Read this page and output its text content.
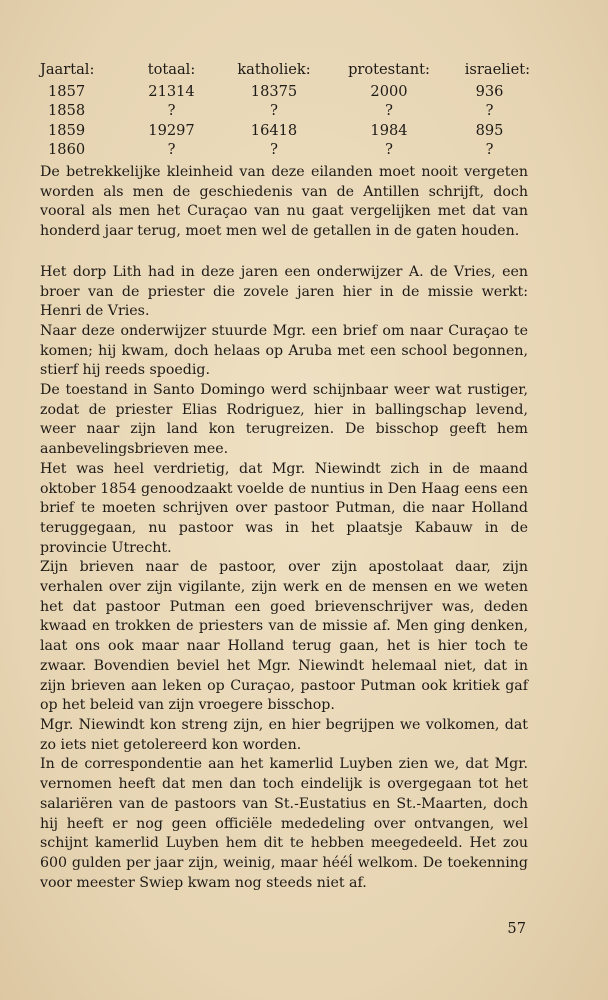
Jaartal:	totaal:	katholiek:	protestant:	israeliet:
1857	21314	18375	2000	936
1858	?	?	?	?
1859	19297	16418	1984	895
1860	?	?	?	?

De betrekkelijke kleinheid van deze eilanden moet nooit vergeten worden als men de geschiedenis van de Antillen schrijft, doch vooral als men het Curaçao van nu gaat vergelijken met dat van honderd jaar terug, moet men wel de getallen in de gaten houden.

Het dorp Lith had in deze jaren een onderwijzer A. de Vries, een broer van de priester die zovele jaren hier in de missie werkt: Henri de Vries.

Naar deze onderwijzer stuurde Mgr. een brief om naar Curaçao te komen; hij kwam, doch helaas op Aruba met een school begonnen, stierf hij reeds spoedig.

De toestand in Santo Domingo werd schijnbaar weer wat rustiger, zodat de priester Elias Rodriguez, hier in ballingschap levend, weer naar zijn land kon terugreizen. De bisschop geeft hem aanbevelingsbrieven mee.

Het was heel verdrietig, dat Mgr. Niewindt zich in de maand oktober 1854 genoodzaakt voelde de nuntius in Den Haag eens een brief te moeten schrijven over pastoor Putman, die naar Holland teruggegaan, nu pastoor was in het plaatsje Kabauw in de provincie Utrecht.

Zijn brieven naar de pastoor, over zijn apostolaat daar, zijn verhalen over zijn vigilante, zijn werk en de mensen en we weten het dat pastoor Putman een goed brievenschrijver was, deden kwaad en trokken de priesters van de missie af. Men ging denken, laat ons ook maar naar Holland terug gaan, het is hier toch te zwaar. Bovendien beviel het Mgr. Niewindt helemaal niet, dat in zijn brieven aan leken op Curaçao, pastoor Putman ook kritiek gaf op het beleid van zijn vroegere bisschop.

Mgr. Niewindt kon streng zijn, en hier begrijpen we volkomen, dat zo iets niet getolereerd kon worden.

In de correspondentie aan het kamerlid Luyben zien we, dat Mgr. vernomen heeft dat men dan toch eindelijk is overgegaan tot het salariëren van de pastoors van St.-Eustatius en St.-Maarten, doch hij heeft er nog geen officiële mededeling over ontvangen, wel schijnt kamerlid Luyben hem dit te hebben meegedeeld. Het zou 600 gulden per jaar zijn, weinig, maar hééĺ welkom. De toekenning voor meester Swiep kwam nog steeds niet af.

57
